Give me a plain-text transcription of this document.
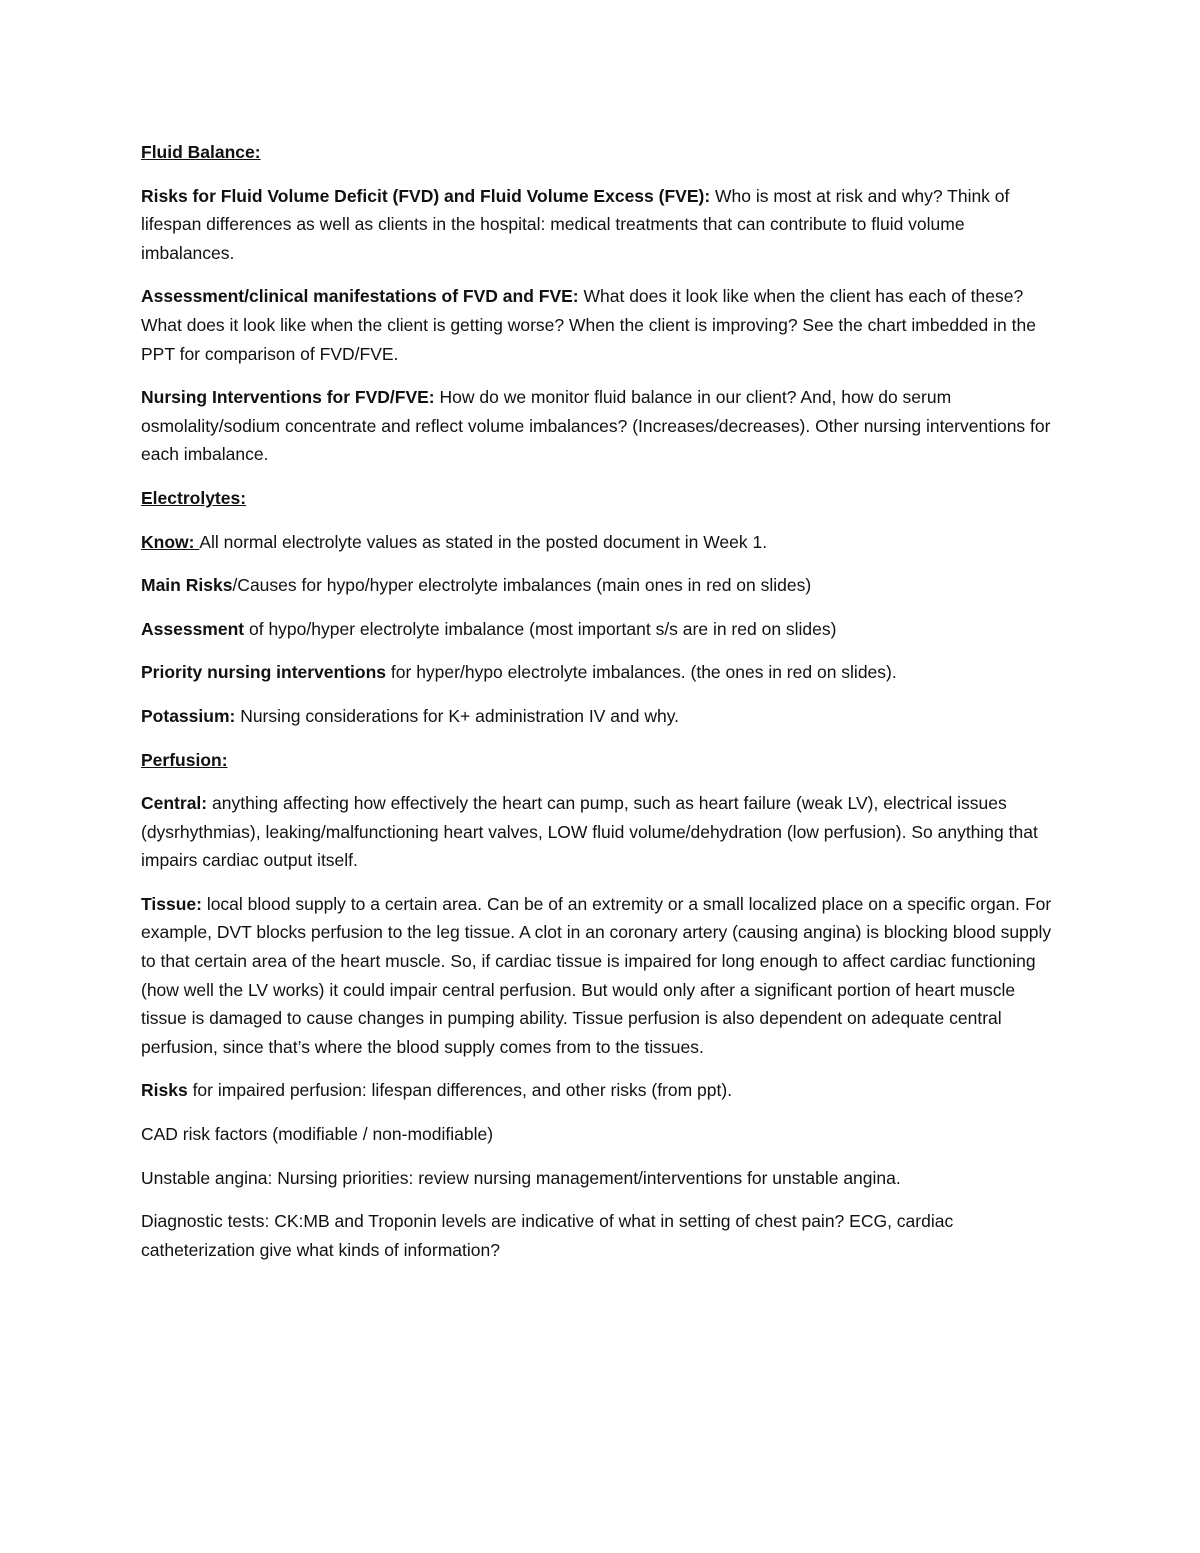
Fluid Balance:

Risks for Fluid Volume Deficit (FVD) and Fluid Volume Excess (FVE): Who is most at risk and why? Think of lifespan differences as well as clients in the hospital: medical treatments that can contribute to fluid volume imbalances.

Assessment/clinical manifestations of FVD and FVE: What does it look like when the client has each of these? What does it look like when the client is getting worse? When the client is improving? See the chart imbedded in the PPT for comparison of FVD/FVE.

Nursing Interventions for FVD/FVE: How do we monitor fluid balance in our client? And, how do serum osmolality/sodium concentrate and reflect volume imbalances? (Increases/decreases). Other nursing interventions for each imbalance.

Electrolytes:

Know: All normal electrolyte values as stated in the posted document in Week 1.

Main Risks/Causes for hypo/hyper electrolyte imbalances (main ones in red on slides)

Assessment of hypo/hyper electrolyte imbalance (most important s/s are in red on slides)

Priority nursing interventions for hyper/hypo electrolyte imbalances. (the ones in red on slides).

Potassium: Nursing considerations for K+ administration IV and why.

Perfusion:

Central: anything affecting how effectively the heart can pump, such as heart failure (weak LV), electrical issues (dysrhythmias), leaking/malfunctioning heart valves, LOW fluid volume/dehydration (low perfusion). So anything that impairs cardiac output itself.

Tissue: local blood supply to a certain area. Can be of an extremity or a small localized place on a specific organ. For example, DVT blocks perfusion to the leg tissue. A clot in an coronary artery (causing angina) is blocking blood supply to that certain area of the heart muscle. So, if cardiac tissue is impaired for long enough to affect cardiac functioning (how well the LV works) it could impair central perfusion. But would only after a significant portion of heart muscle tissue is damaged to cause changes in pumping ability. Tissue perfusion is also dependent on adequate central perfusion, since that’s where the blood supply comes from to the tissues.

Risks for impaired perfusion: lifespan differences, and other risks (from ppt).

CAD risk factors (modifiable / non-modifiable)

Unstable angina: Nursing priorities: review nursing management/interventions for unstable angina.

Diagnostic tests: CK:MB and Troponin levels are indicative of what in setting of chest pain? ECG, cardiac catheterization give what kinds of information?
